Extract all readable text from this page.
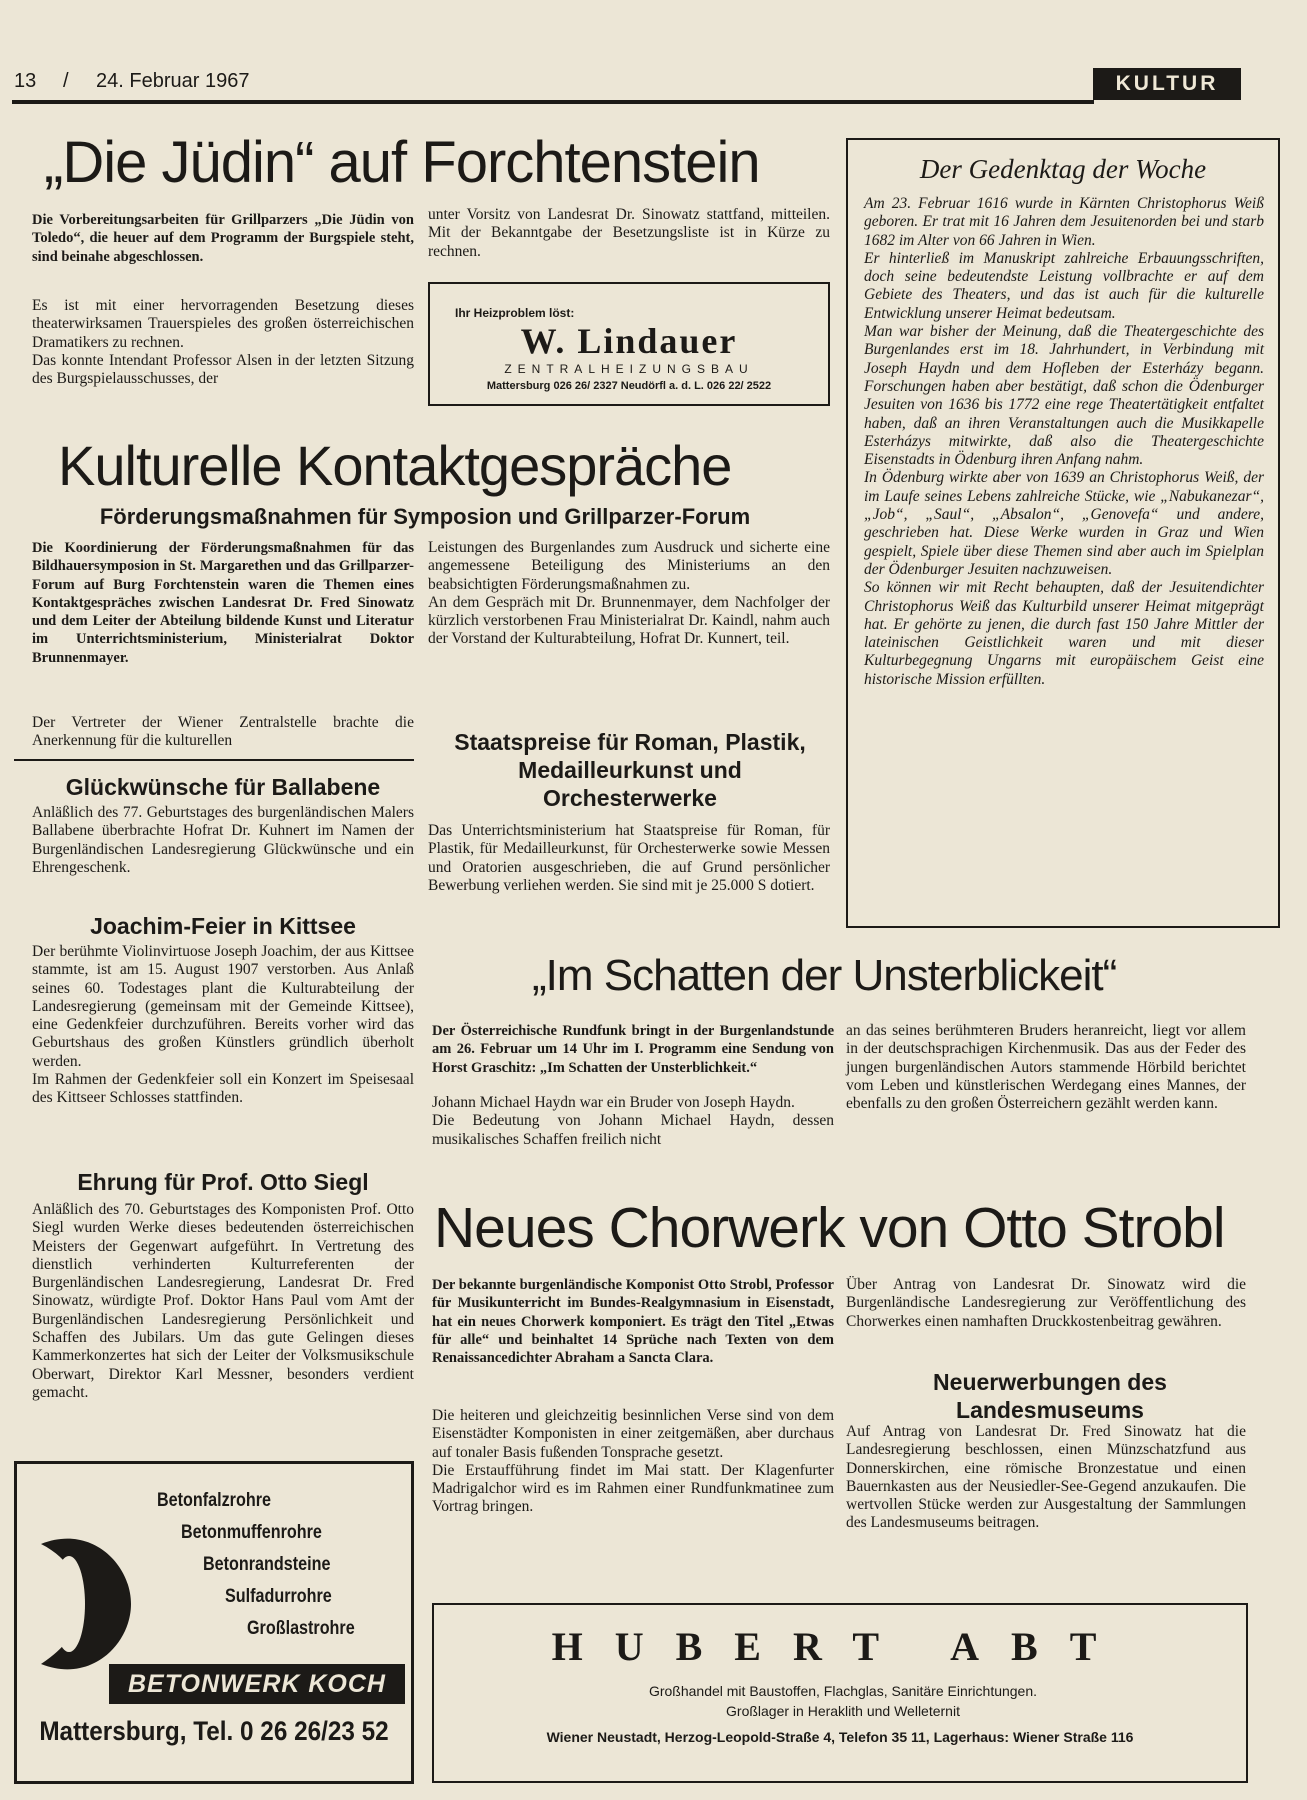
13 / 24. Februar 1967	KULTUR
„Die Jüdin“ auf Forchtenstein
Die Vorbereitungsarbeiten für Grillparzers „Die Jüdin von Toledo“, die heuer auf dem Programm der Burgspiele steht, sind beinahe abgeschlossen.

Es ist mit einer hervorragenden Besetzung dieses theaterwirksamen Trauerspieles des großen österreichischen Dramatikers zu rechnen.

Das konnte Intendant Professor Alsen in der letzten Sitzung des Burgspielausschusses, der

unter Vorsitz von Landesrat Dr. Sinowatz stattfand, mitteilen. Mit der Bekanntgabe der Besetzungsliste ist in Kürze zu rechnen.
Ihr Heizproblem löst:
W. Lindauer
ZENTRALHEIZUNGSBAU
Mattersburg 026 26/ 2327 Neudörfl a. d. L. 026 22/ 2522
Der Gedenktag der Woche

Am 23. Februar 1616 wurde in Kärnten Christophorus Weiß geboren. Er trat mit 16 Jahren dem Jesuitenorden bei und starb 1682 im Alter von 66 Jahren in Wien.

Er hinterließ im Manuskript zahlreiche Erbauungsschriften, doch seine bedeutendste Leistung vollbrachte er auf dem Gebiete des Theaters, und das ist auch für die kulturelle Entwicklung unserer Heimat bedeutsam.

Man war bisher der Meinung, daß die Theatergeschichte des Burgenlandes erst im 18. Jahrhundert, in Verbindung mit Joseph Haydn und dem Hofleben der Esterházy begann. Forschungen haben aber bestätigt, daß schon die Ödenburger Jesuiten von 1636 bis 1772 eine rege Theatertätigkeit entfaltet haben, daß an ihren Veranstaltungen auch die Musikkapelle Esterházys mitwirkte, daß also die Theatergeschichte Eisenstadts in Ödenburg ihren Anfang nahm.

In Ödenburg wirkte aber von 1639 an Christophorus Weiß, der im Laufe seines Lebens zahlreiche Stücke, wie „Nabukanezar“, „Job“, „Saul“, „Absalon“, „Genovefa“ und andere, geschrieben hat. Diese Werke wurden in Graz und Wien gespielt, Spiele über diese Themen sind aber auch im Spielplan der Ödenburger Jesuiten nachzuweisen.

So können wir mit Recht behaupten, daß der Jesuitendichter Christophorus Weiß das Kulturbild unserer Heimat mitgeprägt hat. Er gehörte zu jenen, die durch fast 150 Jahre Mittler der lateinischen Geistlichkeit waren und mit dieser Kulturbegegnung Ungarns mit europäischem Geist eine historische Mission erfüllten.

Kulturelle Kontaktgespräche
Förderungsmaßnahmen für Symposion und Grillparzer-Forum
Die Koordinierung der Förderungsmaßnahmen für das Bildhauersymposion in St. Margarethen und das Grillparzer-Forum auf Burg Forchtenstein waren die Themen eines Kontaktgespräches zwischen Landesrat Dr. Fred Sinowatz und dem Leiter der Abteilung bildende Kunst und Literatur im Unterrichtsministerium, Ministerialrat Doktor Brunnenmayer.
Der Vertreter der Wiener Zentralstelle brachte die Anerkennung für die kulturellen

Leistungen des Burgenlandes zum Ausdruck und sicherte eine angemessene Beteiligung des Ministeriums an den beabsichtigten Förderungsmaßnahmen zu.

An dem Gespräch mit Dr. Brunnenmayer, dem Nachfolger der kürzlich verstorbenen Frau Ministerialrat Dr. Kaindl, nahm auch der Vorstand der Kulturabteilung, Hofrat Dr. Kunnert, teil.

Glückwünsche für Ballabene
Anläßlich des 77. Geburtstages des burgenländischen Malers Ballabene überbrachte Hofrat Dr. Kuhnert im Namen der Burgenländischen Landesregierung Glückwünsche und ein Ehrengeschenk.
Joachim-Feier in Kittsee

Der berühmte Violinvirtuose Joseph Joachim, der aus Kittsee stammte, ist am 15. August 1907 verstorben. Aus Anlaß seines 60. Todestages plant die Kulturabteilung der Landesregierung (gemeinsam mit der Gemeinde Kittsee), eine Gedenkfeier durchzuführen. Bereits vorher wird das Geburtshaus des großen Künstlers gründlich überholt werden.

Im Rahmen der Gedenkfeier soll ein Konzert im Speisesaal des Kittseer Schlosses stattfinden.

Ehrung für Prof. Otto Siegl
Anläßlich des 70. Geburtstages des Komponisten Prof. Otto Siegl wurden Werke dieses bedeutenden österreichischen Meisters der Gegenwart aufgeführt. In Vertretung des dienstlich verhinderten Kulturreferenten der Burgenländischen Landesregierung, Landesrat Dr. Fred Sinowatz, würdigte Prof. Doktor Hans Paul vom Amt der Burgenländischen Landesregierung Persönlichkeit und Schaffen des Jubilars. Um das gute Gelingen dieses Kammerkonzertes hat sich der Leiter der Volksmusikschule Oberwart, Direktor Karl Messner, besonders verdient gemacht.
Staatspreise für Roman, Plastik, Medailleurkunst und Orchesterwerke
Das Unterrichtsministerium hat Staatspreise für Roman, für Plastik, für Medailleurkunst, für Orchesterwerke sowie Messen und Oratorien ausgeschrieben, die auf Grund persönlicher Bewerbung verliehen werden. Sie sind mit je 25.000 S dotiert.
„Im Schatten der Unsterblickeit“
Der Österreichische Rundfunk bringt in der Burgenlandstunde am 26. Februar um 14 Uhr im I. Programm eine Sendung von Horst Graschitz: „Im Schatten der Unsterblichkeit.“

Johann Michael Haydn war ein Bruder von Joseph Haydn.

Die Bedeutung von Johann Michael Haydn, dessen musikalisches Schaffen freilich nicht

an das seines berühmteren Bruders heranreicht, liegt vor allem in der deutschsprachigen Kirchenmusik. Das aus der Feder des jungen burgenländischen Autors stammende Hörbild berichtet vom Leben und künstlerischen Werdegang eines Mannes, der ebenfalls zu den großen Österreichern gezählt werden kann.
Neues Chorwerk von Otto Strobl
Der bekannte burgenländische Komponist Otto Strobl, Professor für Musikunterricht im Bundes-Realgymnasium in Eisenstadt, hat ein neues Chorwerk komponiert. Es trägt den Titel „Etwas für alle“ und beinhaltet 14 Sprüche nach Texten von dem Renaissancedichter Abraham a Sancta Clara.

Die heiteren und gleichzeitig besinnlichen Verse sind von dem Eisenstädter Komponisten in einer zeitgemäßen, aber durchaus auf tonaler Basis fußenden Tonsprache gesetzt.

Die Erstaufführung findet im Mai statt. Der Klagenfurter Madrigalchor wird es im Rahmen einer Rundfunkmatinee zum Vortrag bringen.

Über Antrag von Landesrat Dr. Sinowatz wird die Burgenländische Landesregierung zur Veröffentlichung des Chorwerkes einen namhaften Druckkostenbeitrag gewähren.
Neuerwerbungen des Landesmuseums
Auf Antrag von Landesrat Dr. Fred Sinowatz hat die Landesregierung beschlossen, einen Münzschatzfund aus Donnerskirchen, eine römische Bronzestatue und einen Bauernkasten aus der Neusiedler-See-Gegend anzukaufen. Die wertvollen Stücke werden zur Ausgestaltung der Sammlungen des Landesmuseums beitragen.
Betonfalzrohre
Betonmuffenrohre
Betonrandsteine
Sulfadurrohre
Großlastrohre
BETONWERK KOCH
Mattersburg, Tel. 0 26 26/23 52
HUBERT ABT
Großhandel mit Baustoffen, Flachglas, Sanitäre Einrichtungen. Großlager in Heraklith und Welleternit
Wiener Neustadt, Herzog-Leopold-Straße 4, Telefon 35 11, Lagerhaus: Wiener Straße 116
